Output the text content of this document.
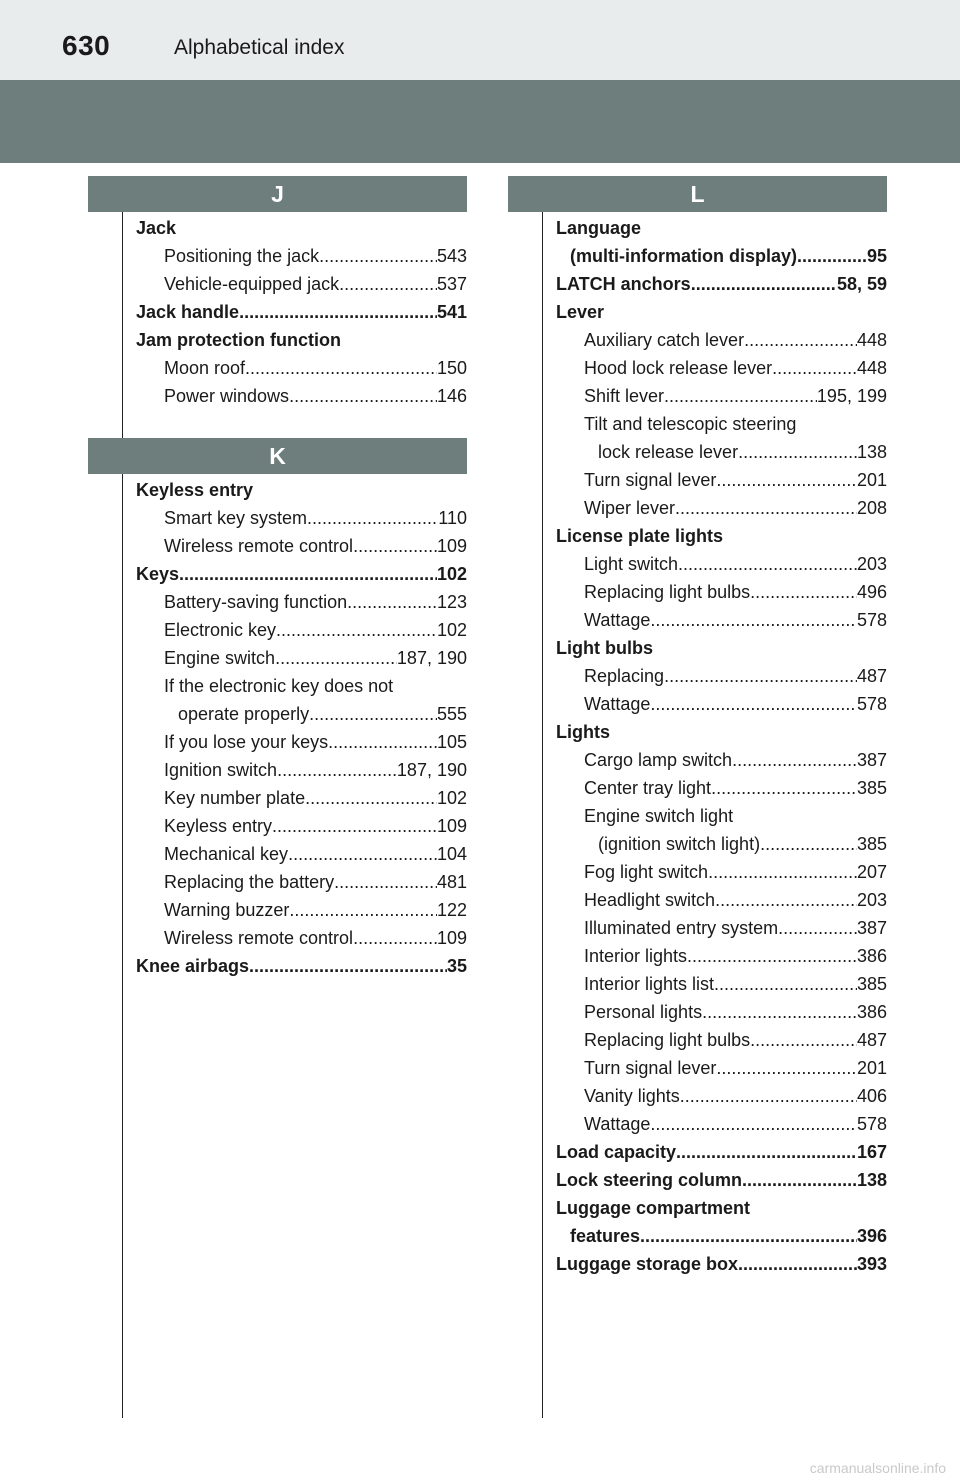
630	Alphabetical index
J
Jack
Positioning the jack .....	543
Vehicle-equipped jack .....	537
Jack handle .....	541
Jam protection function
Moon roof .....	150
Power windows .....	146
K
Keyless entry
Smart key system .....	110
Wireless remote control .....	109
Keys .....	102
Battery-saving function .....	123
Electronic key .....	102
Engine switch .....	187, 190
If the electronic key does not
operate properly .....	555
If you lose your keys .....	105
Ignition switch .....	187, 190
Key number plate .....	102
Keyless entry .....	109
Mechanical key .....	104
Replacing the battery .....	481
Warning buzzer .....	122
Wireless remote control .....	109
Knee airbags .....	35
L
Language
(multi-information display) .....	95
LATCH anchors .....	58, 59
Lever
Auxiliary catch lever .....	448
Hood lock release lever .....	448
Shift lever .....	195, 199
Tilt and telescopic steering
lock release lever .....	138
Turn signal lever .....	201
Wiper lever .....	208
License plate lights
Light switch .....	203
Replacing light bulbs .....	496
Wattage .....	578
Light bulbs
Replacing .....	487
Wattage .....	578
Lights
Cargo lamp switch .....	387
Center tray light .....	385
Engine switch light
(ignition switch light) .....	385
Fog light switch .....	207
Headlight switch .....	203
Illuminated entry system .....	387
Interior lights .....	386
Interior lights list .....	385
Personal lights .....	386
Replacing light bulbs .....	487
Turn signal lever .....	201
Vanity lights .....	406
Wattage .....	578
Load capacity .....	167
Lock steering column .....	138
Luggage compartment
features .....	396
Luggage storage box .....	393
carmanualsonline.info
